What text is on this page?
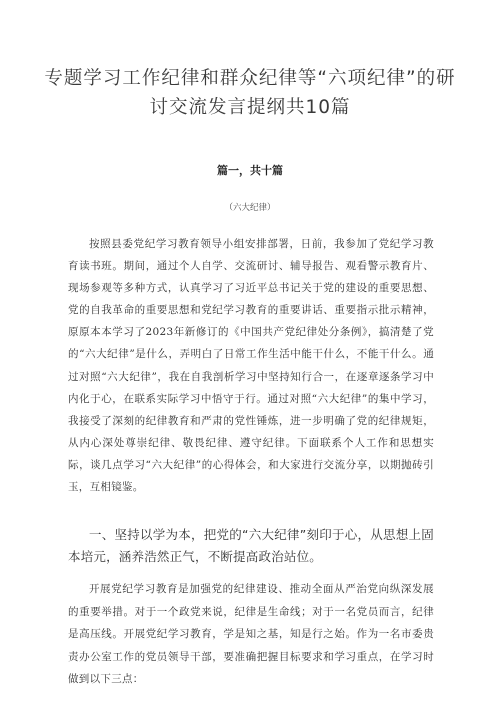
专题学习工作纪律和群众纪律等“六项纪律”的研讨交流发言提纲共10篇
篇一，共十篇
（六大纪律）

按照县委党纪学习教育领导小组安排部署，日前，我参加了党纪学习教育读书班。期间，通过个人自学、交流研讨、辅导报告、观看警示教育片、现场参观等多种方式，认真学习了习近平总书记关于党的建设的重要思想、党的自我革命的重要思想和党纪学习教育的重要讲话、重要指示批示精神，原原本本学习了2023年新修订的《中国共产党纪律处分条例》，搞清楚了党的“六大纪律”是什么，弄明白了日常工作生活中能干什么，不能干什么。通过对照“六大纪律”，我在自我剖析学习中坚持知行合一，在逐章逐条学习中内化于心，在联系实际学习中悟守于行。通过对照“六大纪律”的集中学习，我接受了深刻的纪律教育和严肃的党性锤炼，进一步明确了党的纪律规矩，从内心深处尊崇纪律、敬畏纪律、遵守纪律。下面联系个人工作和思想实际，谈几点学习“六大纪律”的心得体会，和大家进行交流分享，以期抛砖引玉，互相镜鉴。

一、坚持以学为本，把党的“六大纪律”刻印于心，从思想上固本培元，涵养浩然正气，不断提高政治站位。

开展党纪学习教育是加强党的纪律建设、推动全面从严治党向纵深发展的重要举措。对于一个政党来说，纪律是生命线；对于一名党员而言，纪律是高压线。开展党纪学习教育，学是知之基，知是行之始。作为一名市委贵责办公室工作的党员领导干部，要准确把握目标要求和学习重点，在学习时做到以下三点：
